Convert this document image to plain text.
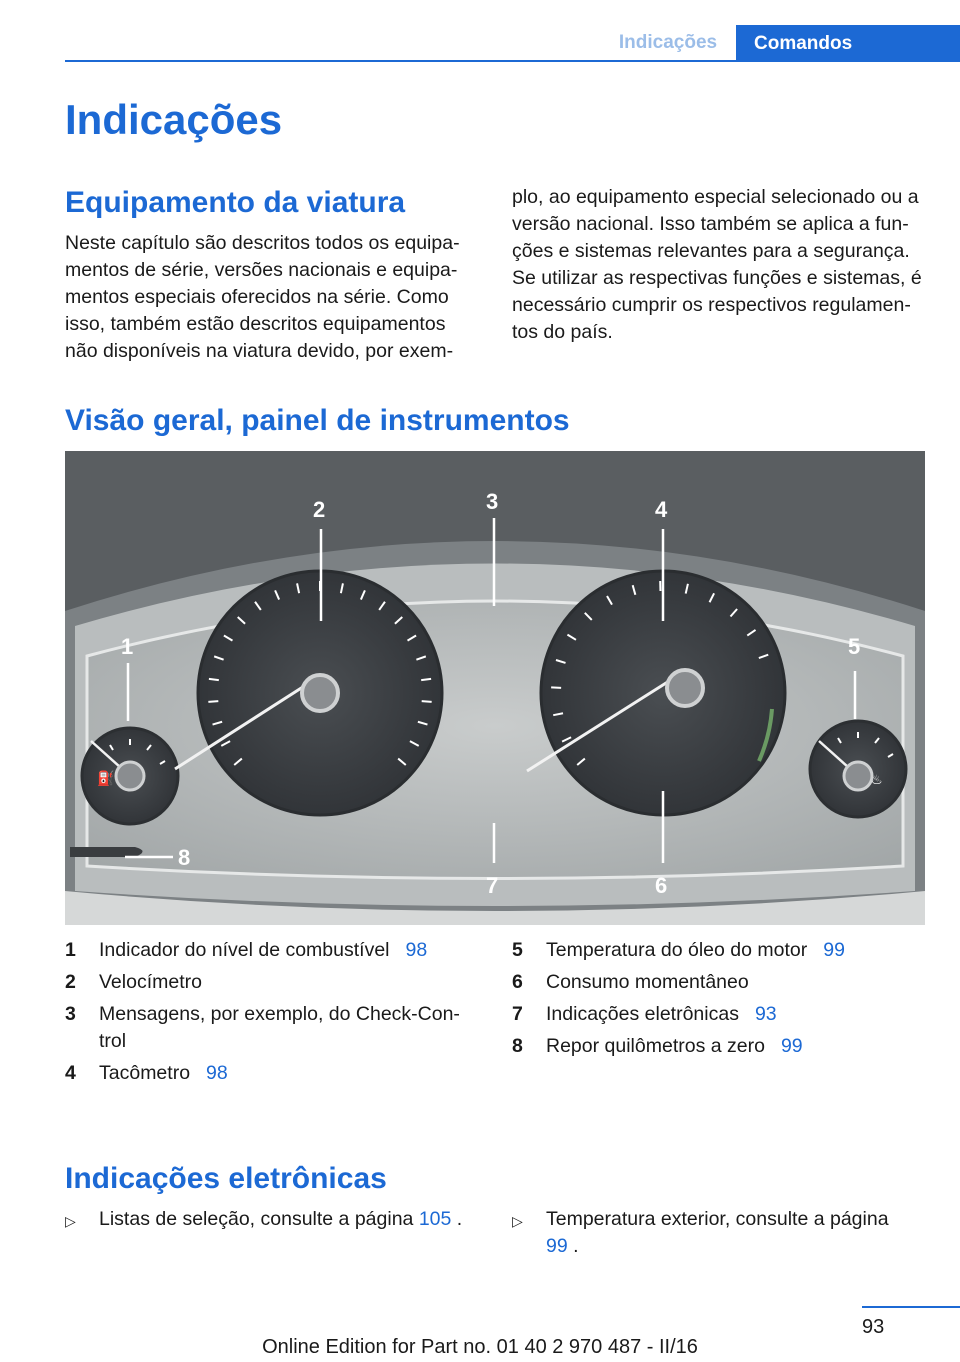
Indicações	Comandos
Indicações
Equipamento da viatura
Neste capítulo são descritos todos os equipa-
mentos de série, versões nacionais e equipa-
mentos especiais oferecidos na série. Como
isso, também estão descritos equipamentos
não disponíveis na viatura devido, por exem-
plo, ao equipamento especial selecionado ou a
versão nacional. Isso também se aplica a fun-
ções e sistemas relevantes para a segurança.
Se utilizar as respectivas funções e sistemas, é
necessário cumprir os respectivos regulamen-
tos do país.
Visão geral, painel de instrumentos
⛽	♨
1
2	3	4
5
6
7
8
1	Indicador do nível de combustível 98
2	Velocímetro
3	Mensagens, por exemplo, do Check-Con-
trol
4	Tacômetro 98
5	Temperatura do óleo do motor 99
6	Consumo momentâneo
7	Indicações eletrônicas 93
8	Repor quilômetros a zero 99
Indicações eletrônicas
▷	Listas de seleção, consulte a página 105 .	▷	Temperatura exterior, consulte a página
99 .
93
Online Edition for Part no. 01 40 2 970 487 - II/16
